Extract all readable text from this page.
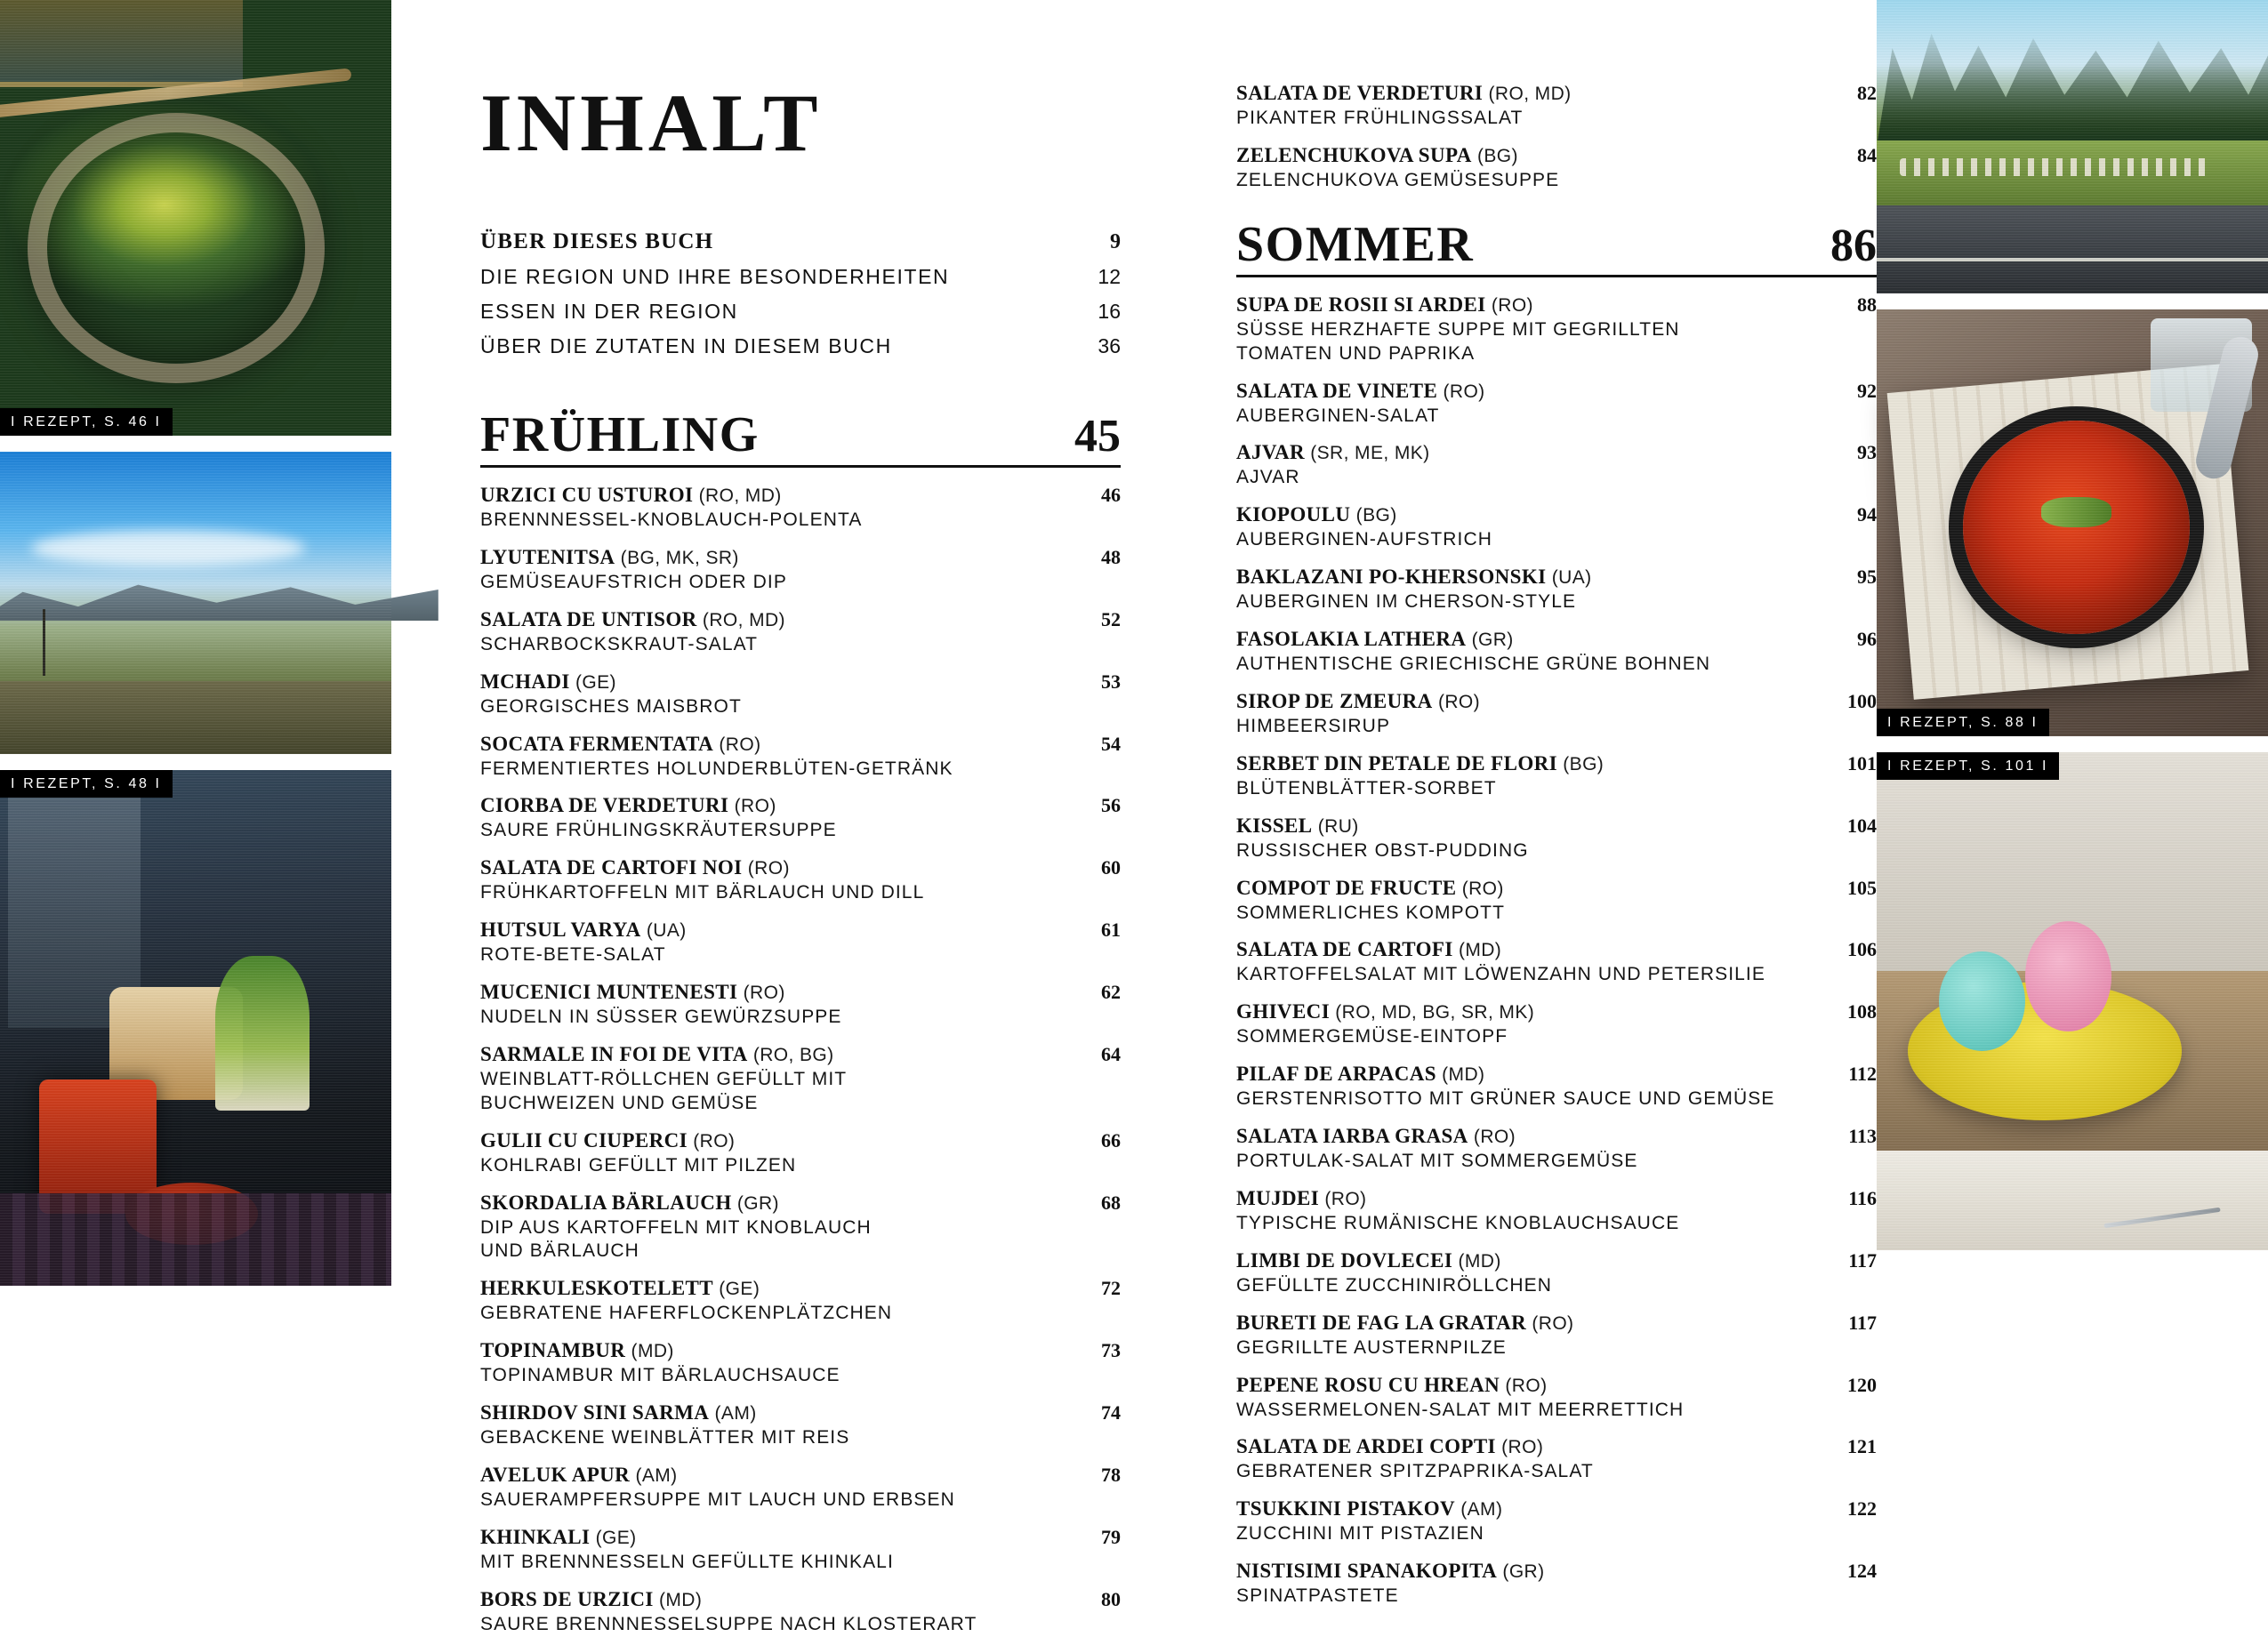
I REZEPT, S. 46 I
I REZEPT, S. 48 I
INHALT
ÜBER DIESES BUCH	9
DIE REGION UND IHRE BESONDERHEITEN	12
ESSEN IN DER REGION	16
ÜBER DIE ZUTATEN IN DIESEM BUCH	36
FRÜHLING	45
URZICI CU USTUROI (RO, MD)	46
BRENNNESSEL-KNOBLAUCH-POLENTA
LYUTENITSA (BG, MK, SR)	48
GEMÜSEAUFSTRICH ODER DIP
SALATA DE UNTISOR (RO, MD)	52
SCHARBOCKSKRAUT-SALAT
MCHADI (GE)	53
GEORGISCHES MAISBROT
SOCATA FERMENTATA (RO)	54
FERMENTIERTES HOLUNDERBLÜTEN-GETRÄNK
CIORBA DE VERDETURI (RO)	56
SAURE FRÜHLINGSKRÄUTERSUPPE
SALATA DE CARTOFI NOI (RO)	60
FRÜHKARTOFFELN MIT BÄRLAUCH UND DILL
HUTSUL VARYA (UA)	61
ROTE-BETE-SALAT
MUCENICI MUNTENESTI (RO)	62
NUDELN IN SÜSSER GEWÜRZSUPPE
SARMALE IN FOI DE VITA (RO, BG)	64
WEINBLATT-RÖLLCHEN GEFÜLLT MIT
BUCHWEIZEN UND GEMÜSE
GULII CU CIUPERCI (RO)	66
KOHLRABI GEFÜLLT MIT PILZEN
SKORDALIA BÄRLAUCH (GR)	68
DIP AUS KARTOFFELN MIT KNOBLAUCH
UND BÄRLAUCH
HERKULESKOTELETT (GE)	72
GEBRATENE HAFERFLOCKENPLÄTZCHEN
TOPINAMBUR (MD)	73
TOPINAMBUR MIT BÄRLAUCHSAUCE
SHIRDOV SINI SARMA (AM)	74
GEBACKENE WEINBLÄTTER MIT REIS
AVELUK APUR (AM)	78
SAUERAMPFERSUPPE MIT LAUCH UND ERBSEN
KHINKALI (GE)	79
MIT BRENNNESSELN GEFÜLLTE KHINKALI
BORS DE URZICI (MD)	80
SAURE BRENNNESSELSUPPE NACH KLOSTERART
SALATA DE VERDETURI (RO, MD)	82
PIKANTER FRÜHLINGSSALAT
ZELENCHUKOVA SUPA (BG)	84
ZELENCHUKOVA GEMÜSESUPPE
SOMMER	86
SUPA DE ROSII SI ARDEI (RO)	88
SÜSSE HERZHAFTE SUPPE MIT GEGRILLTEN
TOMATEN UND PAPRIKA
SALATA DE VINETE (RO)	92
AUBERGINEN-SALAT
AJVAR (SR, ME, MK)	93
AJVAR
KIOPOULU (BG)	94
AUBERGINEN-AUFSTRICH
BAKLAZANI PO-KHERSONSKI (UA)	95
AUBERGINEN IM CHERSON-STYLE
FASOLAKIA LATHERA (GR)	96
AUTHENTISCHE GRIECHISCHE GRÜNE BOHNEN
SIROP DE ZMEURA (RO)	100
HIMBEERSIRUP
SERBET DIN PETALE DE FLORI (BG)	101
BLÜTENBLÄTTER-SORBET
KISSEL (RU)	104
RUSSISCHER OBST-PUDDING
COMPOT DE FRUCTE (RO)	105
SOMMERLICHES KOMPOTT
SALATA DE CARTOFI (MD)	106
KARTOFFELSALAT MIT LÖWENZAHN UND PETERSILIE
GHIVECI (RO, MD, BG, SR, MK)	108
SOMMERGEMÜSE-EINTOPF
PILAF DE ARPACAS (MD)	112
GERSTENRISOTTO MIT GRÜNER SAUCE UND GEMÜSE
SALATA IARBA GRASA (RO)	113
PORTULAK-SALAT MIT SOMMERGEMÜSE
MUJDEI (RO)	116
TYPISCHE RUMÄNISCHE KNOBLAUCHSAUCE
LIMBI DE DOVLECEI (MD)	117
GEFÜLLTE ZUCCHINIRÖLLCHEN
BURETI DE FAG LA GRATAR (RO)	117
GEGRILLTE AUSTERNPILZE
PEPENE ROSU CU HREAN (RO)	120
WASSERMELONEN-SALAT MIT MEERRETTICH
SALATA DE ARDEI COPTI (RO)	121
GEBRATENER SPITZPAPRIKA-SALAT
TSUKKINI PISTAKOV (AM)	122
ZUCCHINI MIT PISTAZIEN
NISTISIMI SPANAKOPITA (GR)	124
SPINATPASTETE
I REZEPT, S. 88 I
I REZEPT, S. 101 I
